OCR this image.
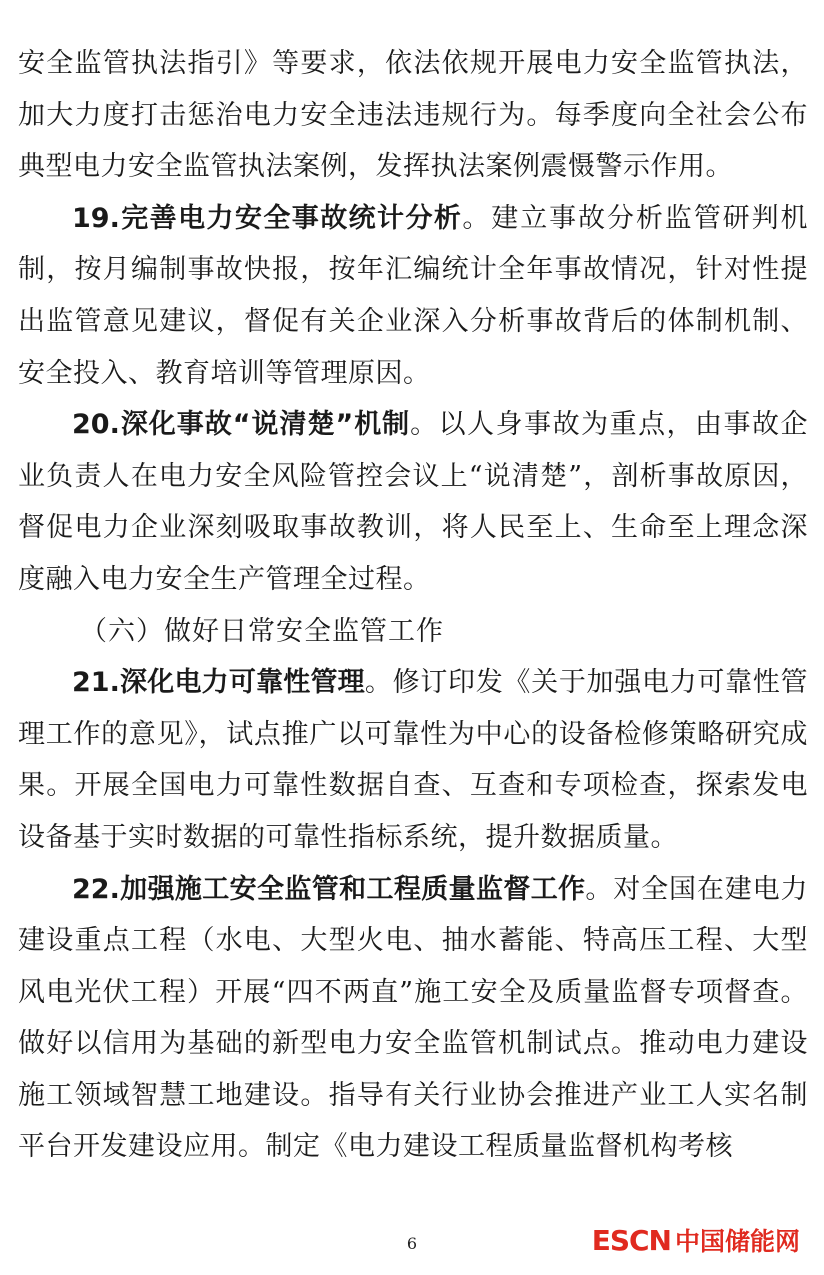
安全监管执法指引》等要求，依法依规开展电力安全监管执法，加大力度打击惩治电力安全违法违规行为。每季度向全社会公布典型电力安全监管执法案例，发挥执法案例震慑警示作用。

19.完善电力安全事故统计分析。建立事故分析监管研判机制，按月编制事故快报，按年汇编统计全年事故情况，针对性提出监管意见建议，督促有关企业深入分析事故背后的体制机制、安全投入、教育培训等管理原因。

20.深化事故“说清楚”机制。以人身事故为重点，由事故企业负责人在电力安全风险管控会议上“说清楚”，剖析事故原因，督促电力企业深刻吸取事故教训，将人民至上、生命至上理念深度融入电力安全生产管理全过程。

（六）做好日常安全监管工作

21.深化电力可靠性管理。修订印发《关于加强电力可靠性管理工作的意见》，试点推广以可靠性为中心的设备检修策略研究成果。开展全国电力可靠性数据自查、互查和专项检查，探索发电设备基于实时数据的可靠性指标系统，提升数据质量。

22.加强施工安全监管和工程质量监督工作。对全国在建电力建设重点工程（水电、大型火电、抽水蓄能、特高压工程、大型风电光伏工程）开展“四不两直”施工安全及质量监督专项督查。做好以信用为基础的新型电力安全监管机制试点。推动电力建设施工领域智慧工地建设。指导有关行业协会推进产业工人实名制平台开发建设应用。制定《电力建设工程质量监督机构考核

6	ESCN 中国储能网
